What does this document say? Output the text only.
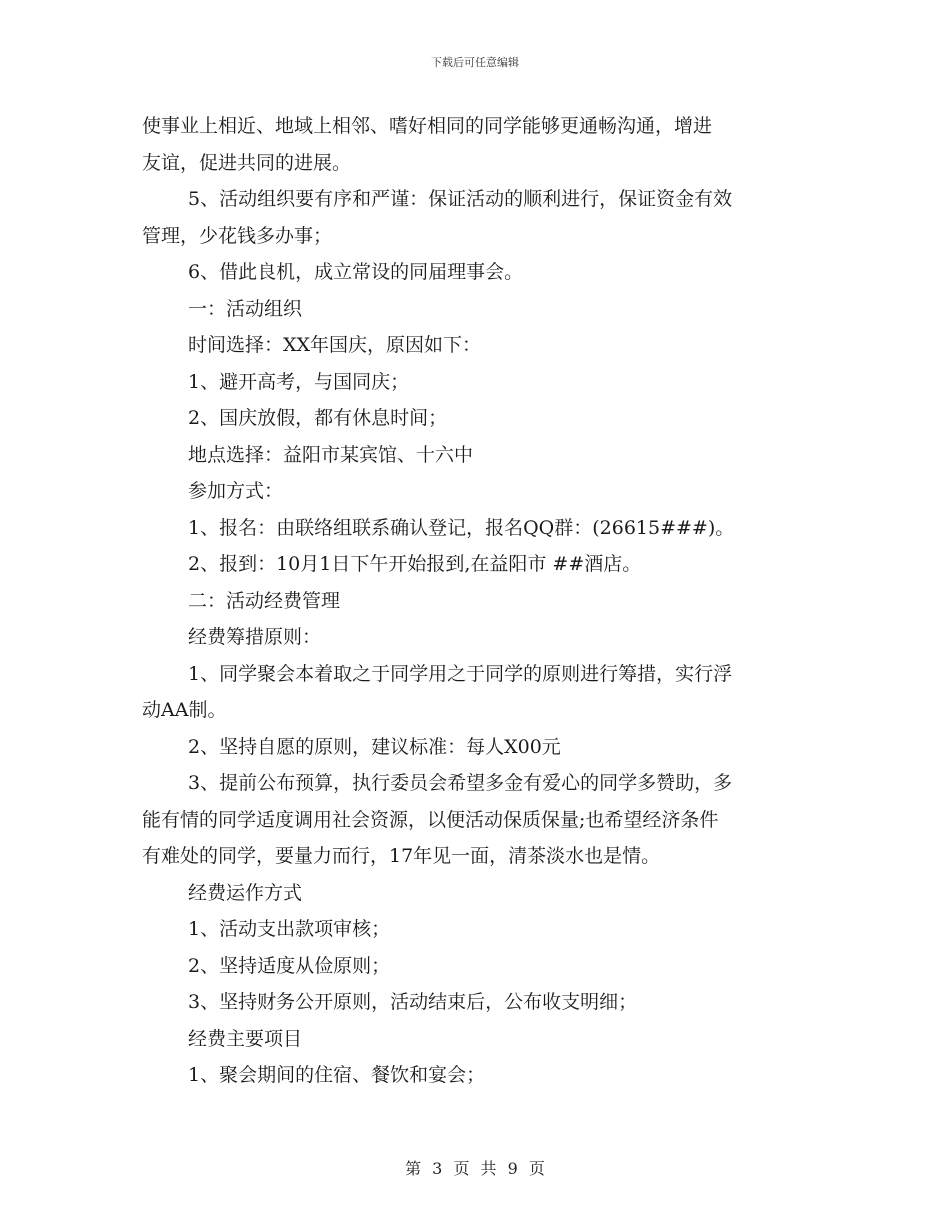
下载后可任意编辑
使事业上相近、地域上相邻、嗜好相同的同学能够更通畅沟通，增进
友谊，促进共同的进展。
5、活动组织要有序和严谨：保证活动的顺利进行，保证资金有效
管理，少花钱多办事；
6、借此良机，成立常设的同届理事会。
一：活动组织
时间选择：XX年国庆，原因如下：
1、避开高考，与国同庆；
2、国庆放假，都有休息时间；
地点选择：益阳市某宾馆、十六中
参加方式：
1、报名：由联络组联系确认登记，报名QQ群：(26615###)。
2、报到：10月1日下午开始报到,在益阳市 ##酒店。
二：活动经费管理
经费筹措原则：
1、同学聚会本着取之于同学用之于同学的原则进行筹措，实行浮
动AA制。
2、坚持自愿的原则，建议标准：每人X00元
3、提前公布预算，执行委员会希望多金有爱心的同学多赞助，多
能有情的同学适度调用社会资源，以便活动保质保量;也希望经济条件
有难处的同学，要量力而行，17年见一面，清茶淡水也是情。
经费运作方式
1、活动支出款项审核；
2、坚持适度从俭原则；
3、坚持财务公开原则，活动结束后，公布收支明细；
经费主要项目
1、聚会期间的住宿、餐饮和宴会；
第 3 页 共 9 页
